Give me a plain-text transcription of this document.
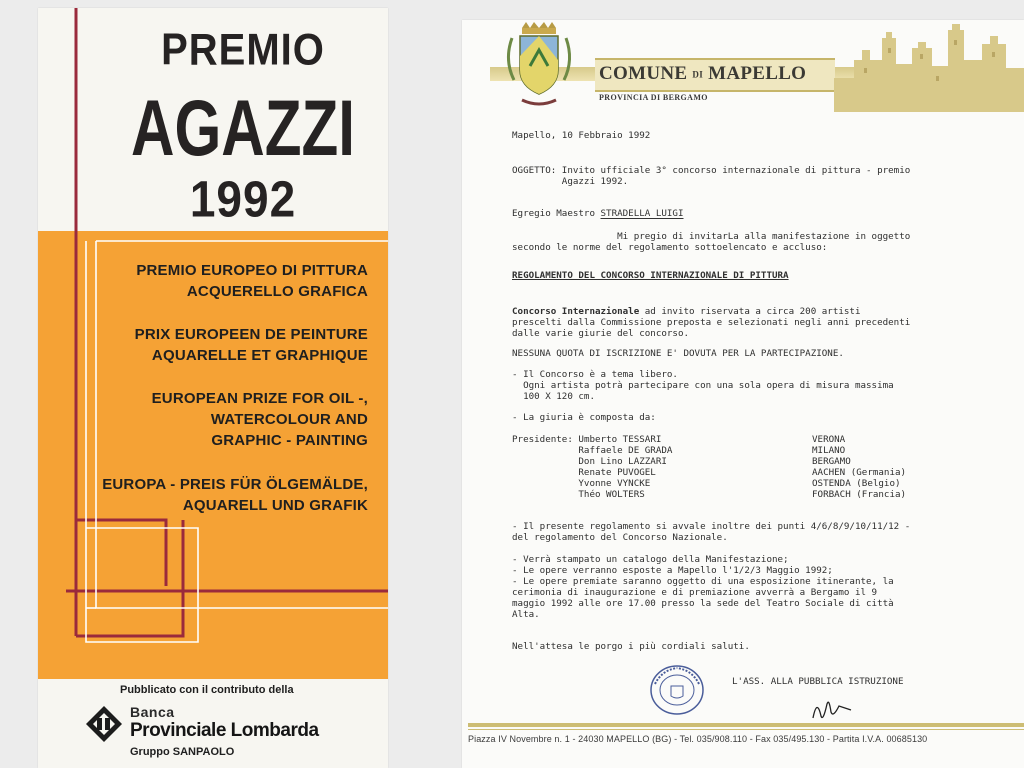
PREMIO
AGAZZI
1992
PREMIO EUROPEO DI PITTURA
ACQUERELLO GRAFICA
PRIX EUROPEEN DE PEINTURE
AQUARELLE ET GRAPHIQUE
EUROPEAN PRIZE FOR OIL -,
WATERCOLOUR AND
GRAPHIC - PAINTING
EUROPA - PREIS FÜR ÖLGEMÄLDE,
AQUARELL UND GRAFIK
Pubblicato con il contributo della
Banca
Provinciale Lombarda
Gruppo SANPAOLO
COMUNE DI MAPELLO
PROVINCIA DI BERGAMO
Mapello, 10 Febbraio 1992
OGGETTO: Invito ufficiale 3° concorso internazionale di pittura - premio
Agazzi 1992.
Egregio Maestro STRADELLA LUIGI
Mi pregio di invitarLa alla manifestazione in oggetto
secondo le norme del regolamento sottoelencato e accluso:
REGOLAMENTO DEL CONCORSO INTERNAZIONALE DI PITTURA
Concorso Internazionale ad invito riservata a circa 200 artisti
prescelti dalla Commissione preposta e selezionati negli anni precedenti
dalle varie giurie del concorso.
NESSUNA QUOTA DI ISCRIZIONE E' DOVUTA PER LA PARTECIPAZIONE.
- Il Concorso è a tema libero.
Ogni artista potrà partecipare con una sola opera di misura massima
100 X 120 cm.
- La giuria è composta da:
Presidente: Umberto TESSARI
Raffaele DE GRADA
Don Lino LAZZARI
Renate PUVOGEL
Yvonne VYNCKE
Théo WOLTERS
VERONA
MILANO
BERGAMO
AACHEN (Germania)
OSTENDA (Belgio)
FORBACH (Francia)
- Il presente regolamento si avvale inoltre dei punti 4/6/8/9/10/11/12 -
del regolamento del Concorso Nazionale.
- Verrà stampato un catalogo della Manifestazione;
- Le opere verranno esposte a Mapello l'1/2/3 Maggio 1992;
- Le opere premiate saranno oggetto di una esposizione itinerante, la
cerimonia di inaugurazione e di premiazione avverrà a Bergamo il 9
maggio 1992 alle ore 17.00 presso la sede del Teatro Sociale di città
Alta.
Nell'attesa le porgo i più cordiali saluti.
L'ASS. ALLA PUBBLICA ISTRUZIONE
Piazza IV Novembre n. 1 - 24030 MAPELLO (BG) - Tel. 035/908.110 - Fax 035/495.130 - Partita I.V.A. 00685130
